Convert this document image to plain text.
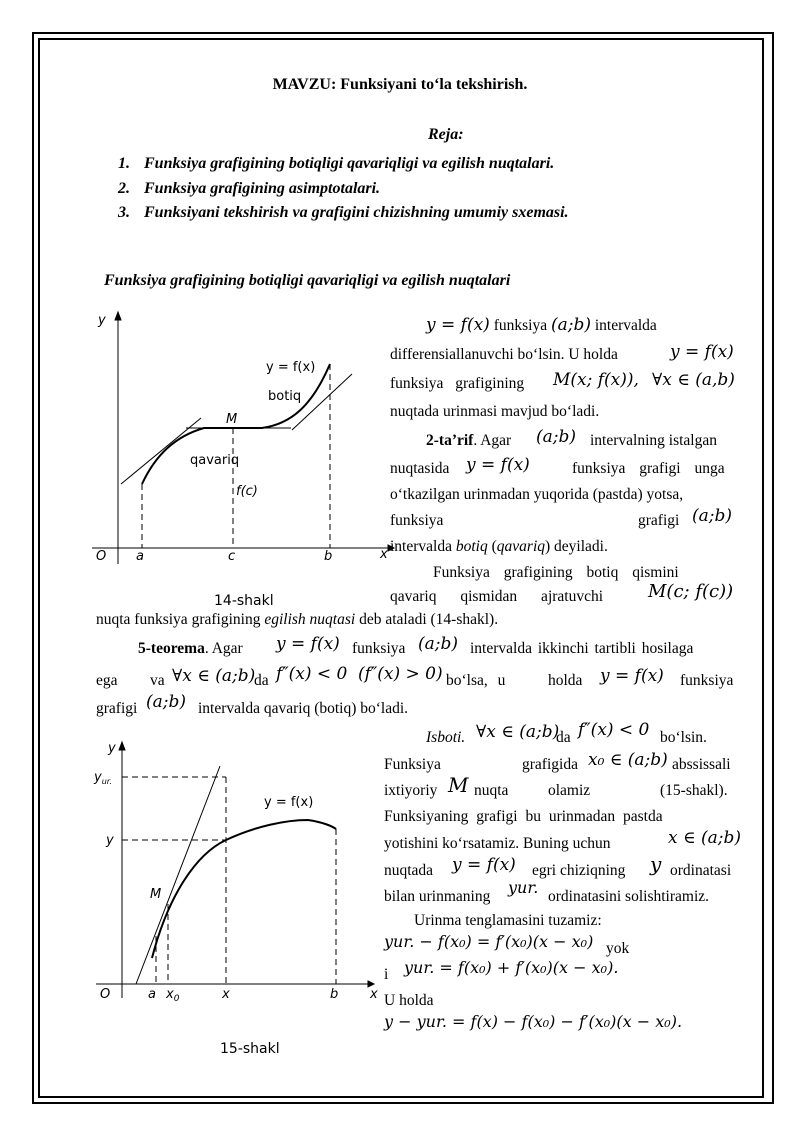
MAVZU: Funksiyani to‘la tekshirish.
Reja:
1. Funksiya grafigining botiqligi qavariqligi va egilish nuqtalari.
2. Funksiya grafigining asimptotalari.
3. Funksiyani tekshirish va grafigini chizishning umumiy sxemasi.
Funksiya grafigining botiqligi qavariqligi va egilish nuqtalari
y
x
O a	c	b
y = f(x)
botiq
qavariq
M
f(c)
14-shakl
y
$y_{ur.}$
y
x
O	a $x_0$	x	b
y = f(x)
M
15-shakl
y = f(x) funksiya (a;b) intervalda
differensiallanuvchi bo‘lsin. U holda	y = f(x)
funksiya grafigining M(x; f(x)), ∀x ∈ (a,b)
nuqtada urinmasi mavjud bo‘ladi.
2-ta’rif. Agar (a;b) intervalning istalgan
nuqtasida y = f(x)	funksiya grafigi unga
o‘tkazilgan urinmadan yuqorida (pastda) yotsa,
funksiya	grafigi (a;b)
intervalda botiq (qavariq) deyiladi.
Funksiya grafigining botiq qismini
qavariq qismidan ajratuvchi M(c; f(c))
nuqta funksiya grafigining egilish nuqtasi deb ataladi (14-shakl).
5-teorema. Agar y = f(x) funksiya (a;b) intervalda ikkinchi tartibli hosilaga
ega va ∀x ∈ (a;b)
da f″(x) < 0 (f″(x) > 0) bo‘lsa, u	holda y = f(x) funksiya
grafigi (a;b) intervalda qavariq (botiq) bo‘ladi.
Isboti. ∀x ∈ (a;b)
da f″(x) < 0 bo‘lsin.
Funksiya	grafigida x₀ ∈ (a;b) abssissali
ixtiyoriy M nuqta	olamiz	(15-shakl).
Funksiyaning grafigi bu urinmadan pastda
yotishini ko‘rsatamiz. Buning uchun	x ∈ (a;b)
nuqtada y = f(x) egri chiziqning y ordinatasi
bilan urinmaning yur. ordinatasini solishtiramiz.
Urinma tenglamasini tuzamiz:
yur. − f(x₀) = f′(x₀)(x − x₀) yok
i yur. = f(x₀) + f′(x₀)(x − x₀).
U holda
y − yur. = f(x) − f(x₀) − f′(x₀)(x − x₀).
